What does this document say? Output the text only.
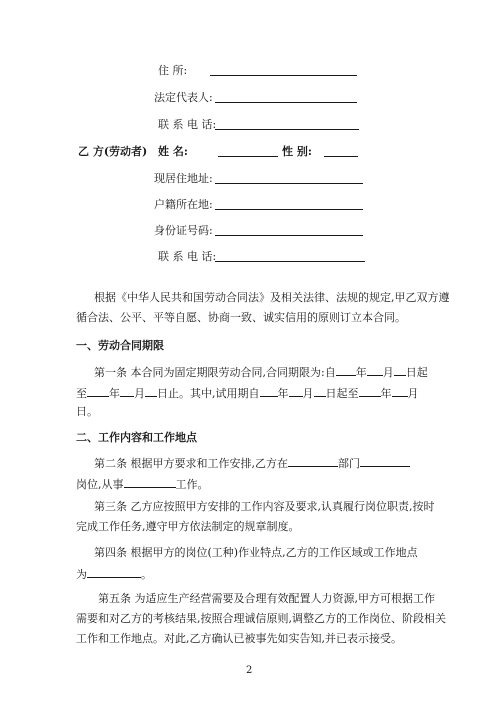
住 所:
法定代表人:
联 系 电 话:
乙 方(劳动者) 姓 名:	性 别:
现居住地址:
户籍所在地:
身份证号码:
联 系 电 话:
根据《中华人民共和国劳动合同法》及相关法律、法规的规定,甲乙双方遵
循合法、公平、平等自愿、协商一致、诚实信用的原则订立本合同。
一、劳动合同期限
第一条 本合同为固定期限劳动合同,合同期限为:自 年 月 日起
至 年 月 日止。其中,试用期自 年 月 日起至 年 月
日。
二、工作内容和工作地点
第二条 根据甲方要求和工作安排,乙方在	部门
岗位,从事	工作。
第三条 乙方应按照甲方安排的工作内容及要求,认真履行岗位职责,按时
完成工作任务,遵守甲方依法制定的规章制度。
第四条 根据甲方的岗位(工种)作业特点,乙方的工作区域或工作地点
为	。
第五条 为适应生产经营需要及合理有效配置人力资源,甲方可根据工作
需要和对乙方的考核结果,按照合理诚信原则,调整乙方的工作岗位、阶段相关
工作和工作地点。对此,乙方确认已被事先如实告知,并已表示接受。
2
